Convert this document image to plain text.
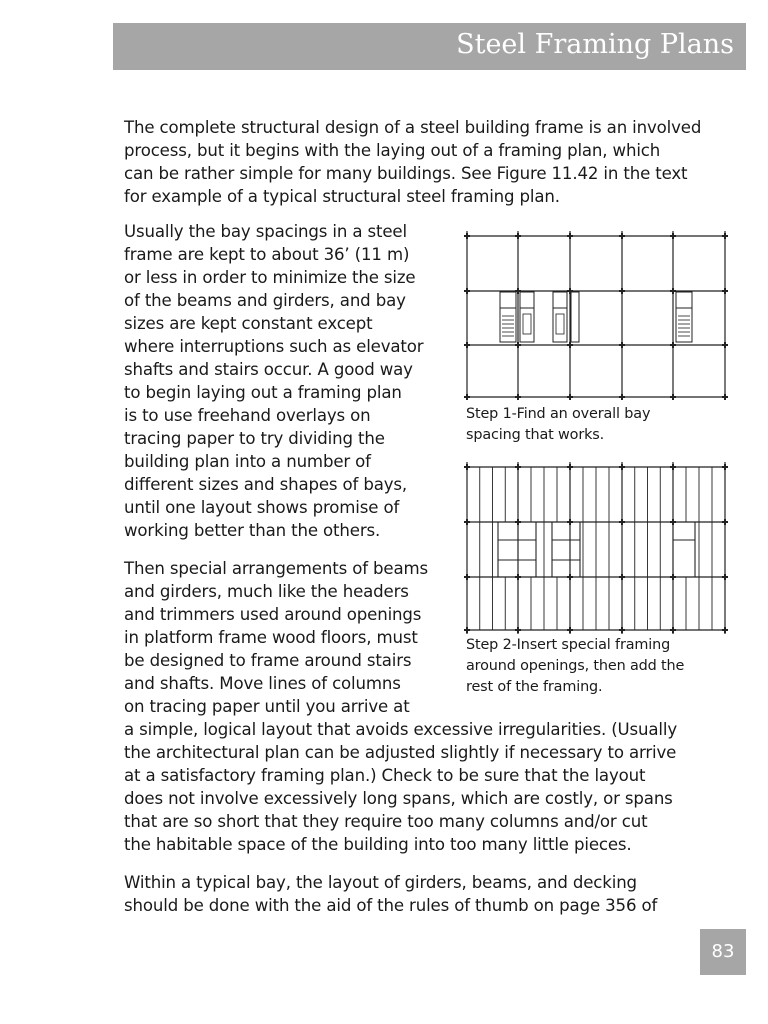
Steel Framing Plans
The complete structural design of a steel building frame is an involved
process, but it begins with the laying out of a framing plan, which
can be rather simple for many buildings. See Figure 11.42 in the text
for example of a typical structural steel framing plan.
Usually the bay spacings in a steel
frame are kept to about 36’ (11 m)
or less in order to minimize the size
of the beams and girders, and bay
sizes are kept constant except
where interruptions such as elevator
shafts and stairs occur. A good way
to begin laying out a framing plan
is to use freehand overlays on
tracing paper to try dividing the
building plan into a number of
different sizes and shapes of bays,
until one layout shows promise of
working better than the others.
Then special arrangements of beams
and girders, much like the headers
and trimmers used around openings
in platform frame wood floors, must
be designed to frame around stairs
and shafts. Move lines of columns
on tracing paper until you arrive at
a simple, logical layout that avoids excessive irregularities. (Usually
the architectural plan can be adjusted slightly if necessary to arrive
at a satisfactory framing plan.) Check to be sure that the layout
does not involve excessively long spans, which are costly, or spans
that are so short that they require too many columns and/or cut
the habitable space of the building into too many little pieces.
Within a typical bay, the layout of girders, beams, and decking
should be done with the aid of the rules of thumb on page 356 of
Step 1-Find an overall bay
spacing that works.
Step 2-Insert special framing
around openings, then add the
rest of the framing.
83
